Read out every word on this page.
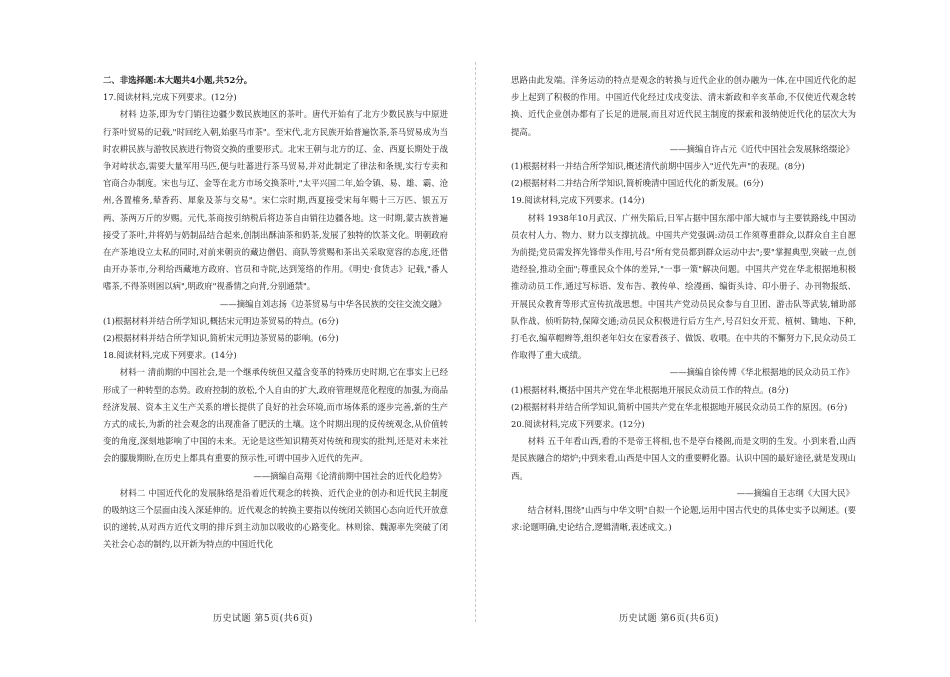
二、非选择题:本大题共4小题,共52分。

17.阅读材料,完成下列要求。(12分)

材料 边茶,即为专门销往边疆少数民族地区的茶叶。唐代开始有了北方少数民族与中原进行茶叶贸易的记载,"时回纥入朝,始驱马市茶"。至宋代,北方民族开始普遍饮茶,茶马贸易成为当时农耕民族与游牧民族进行物资交换的重要形式。北宋王朝与北方的辽、金、西夏长期处于战争对峙状态,需要大量军用马匹,便与吐蕃进行茶马贸易,并对此制定了律法和条规,实行专卖和官商合办制度。宋也与辽、金等在北方市场交换茶叶,"太平兴国二年,始令镇、易、雄、霸、沧州,各置榷务,辇香药、犀象及茶与交易"。宋仁宗时期,西夏接受宋每年赐十三万匹、银五万两、茶两万斤的岁赐。元代,茶商按引纳税后将边茶自由销往边疆各地。这一时期,蒙古族普遍接受了茶叶,并将奶与奶制品结合起来,创制出酥油茶和奶茶,发展了独特的饮茶文化。明朝政府在产茶地设立太私的同时,对前来朝贡的藏边僧侣、商队等赏赐和茶出关采取宽容的态度,还借由开办茶市,分利给西藏地方政府、官员和寺院,达到笼络的作用。《明史·食货志》记载,"番人嗜茶,不得茶则困以病",明政府"视番情之向背,分别通禁"。

——摘编自刘志扬《边茶贸易与中华各民族的交往交流交融》

(1)根据材料并结合所学知识,概括宋元明边茶贸易的特点。(6分)

(2)根据材料并结合所学知识,简析宋元明边茶贸易的影响。(6分)

18.阅读材料,完成下列要求。(14分)

材料一 清前期的中国社会,是一个继承传统但又蕴含变革的特殊历史时期,它在事实上已经形成了一种转型的态势。政府控制的放松,个人自由的扩大,政府管理规范化程度的加强,为商品经济发展、资本主义生产关系的增长提供了良好的社会环境,而市场体系的逐步完善,新的生产方式的成长,为新的社会观念的出现准备了肥沃的土壤。这个时期出现的反传统观念,从价值转变的角度,深刻地影响了中国的未来。无论是这些知识精英对传统和现实的批判,还是对未来社会的朦胧期盼,在历史上都具有重要的预示性,可谓中国步入近代的先声。

——摘编自高翔《论清前期中国社会的近代化趋势》

材料二 中国近代化的发展脉络是沿着近代观念的转换、近代企业的创办和近代民主制度的吸纳这三个层面由浅入深延伸的。近代观念的转换主要指以传统闭关锁国心态向近代开放意识的递转,从对西方近代文明的排斥到主动加以吸收的心路变化。林则徐、魏源率先突破了闭关社会心态的制约,以开新为特点的中国近代化

思路由此发端。洋务运动的特点是观念的转换与近代企业的创办融为一体,在中国近代化的起步上起到了积极的作用。中国近代化经过戊戌变法、清末新政和辛亥革命,不仅使近代观念转换、近代企业创办都有了长足的进展,而且对近代民主制度的探索和汲纳使近代化的层次大为提高。

——摘编自许占元《近代中国社会发展脉络缀论》

(1)根据材料一并结合所学知识,概述清代前期中国步入"近代先声"的表现。(8分)

(2)根据材料二并结合所学知识,简析晚清中国近代化的新发展。(6分)

19.阅读材料,完成下列要求。(14分)

材料 1938年10月武汉、广州失陷后,日军占据中国东部中部大城市与主要铁路线,中国动员农村人力、物力、财力以支撑抗战。中国共产党强调:动员工作须尊重群众,以群众自主自愿为前提;党员需发挥先锋带头作用,号召"所有党员都到群众运动中去";要"掌握典型,突破一点,创造经验,推动全面";尊重民众个体的差异,"一事一策"解决问题。中国共产党在华北根据地积极推动动员工作,通过写标语、发布告、教传单、绘漫画、编街头诗、印小册子、办刊物报纸、开展民众教育等形式宣传抗战思想。中国共产党动员民众参与自卫团、游击队等武装,辅助部队作战、侦听防特,保障交通;动员民众积极进行后方生产,号召妇女开荒、植树、锄地、下种,打毛衣,编草帽辫等,组织老年妇女在家看孩子、做饭、收喂。在中共的不懈努力下,民众动员工作取得了重大成绩。

——摘编自徐传博《华北根据地的民众动员工作》

(1)根据材料,概括中国共产党在华北根据地开展民众动员工作的特点。(8分)

(2)根据材料并结合所学知识,简析中国共产党在华北根据地开展民众动员工作的原因。(6分)

20.阅读材料,完成下列要求。(12分)

材料 五千年看山西,看的不是帝王将相,也不是亭台楼阁,而是文明的生发。小到来看,山西是民族融合的熔炉;中到来看,山西是中国人文的重要孵化器。认识中国的最好途径,就是发现山西。

——摘编自王志纲《大国大民》

结合材料,围绕"山西与中华文明"自拟一个论题,运用中国古代史的具体史实予以阐述。(要求:论题明确,史论结合,逻辑清晰,表述成文。)

历史试题 第5页(共6页)	历史试题 第6页(共6页)
